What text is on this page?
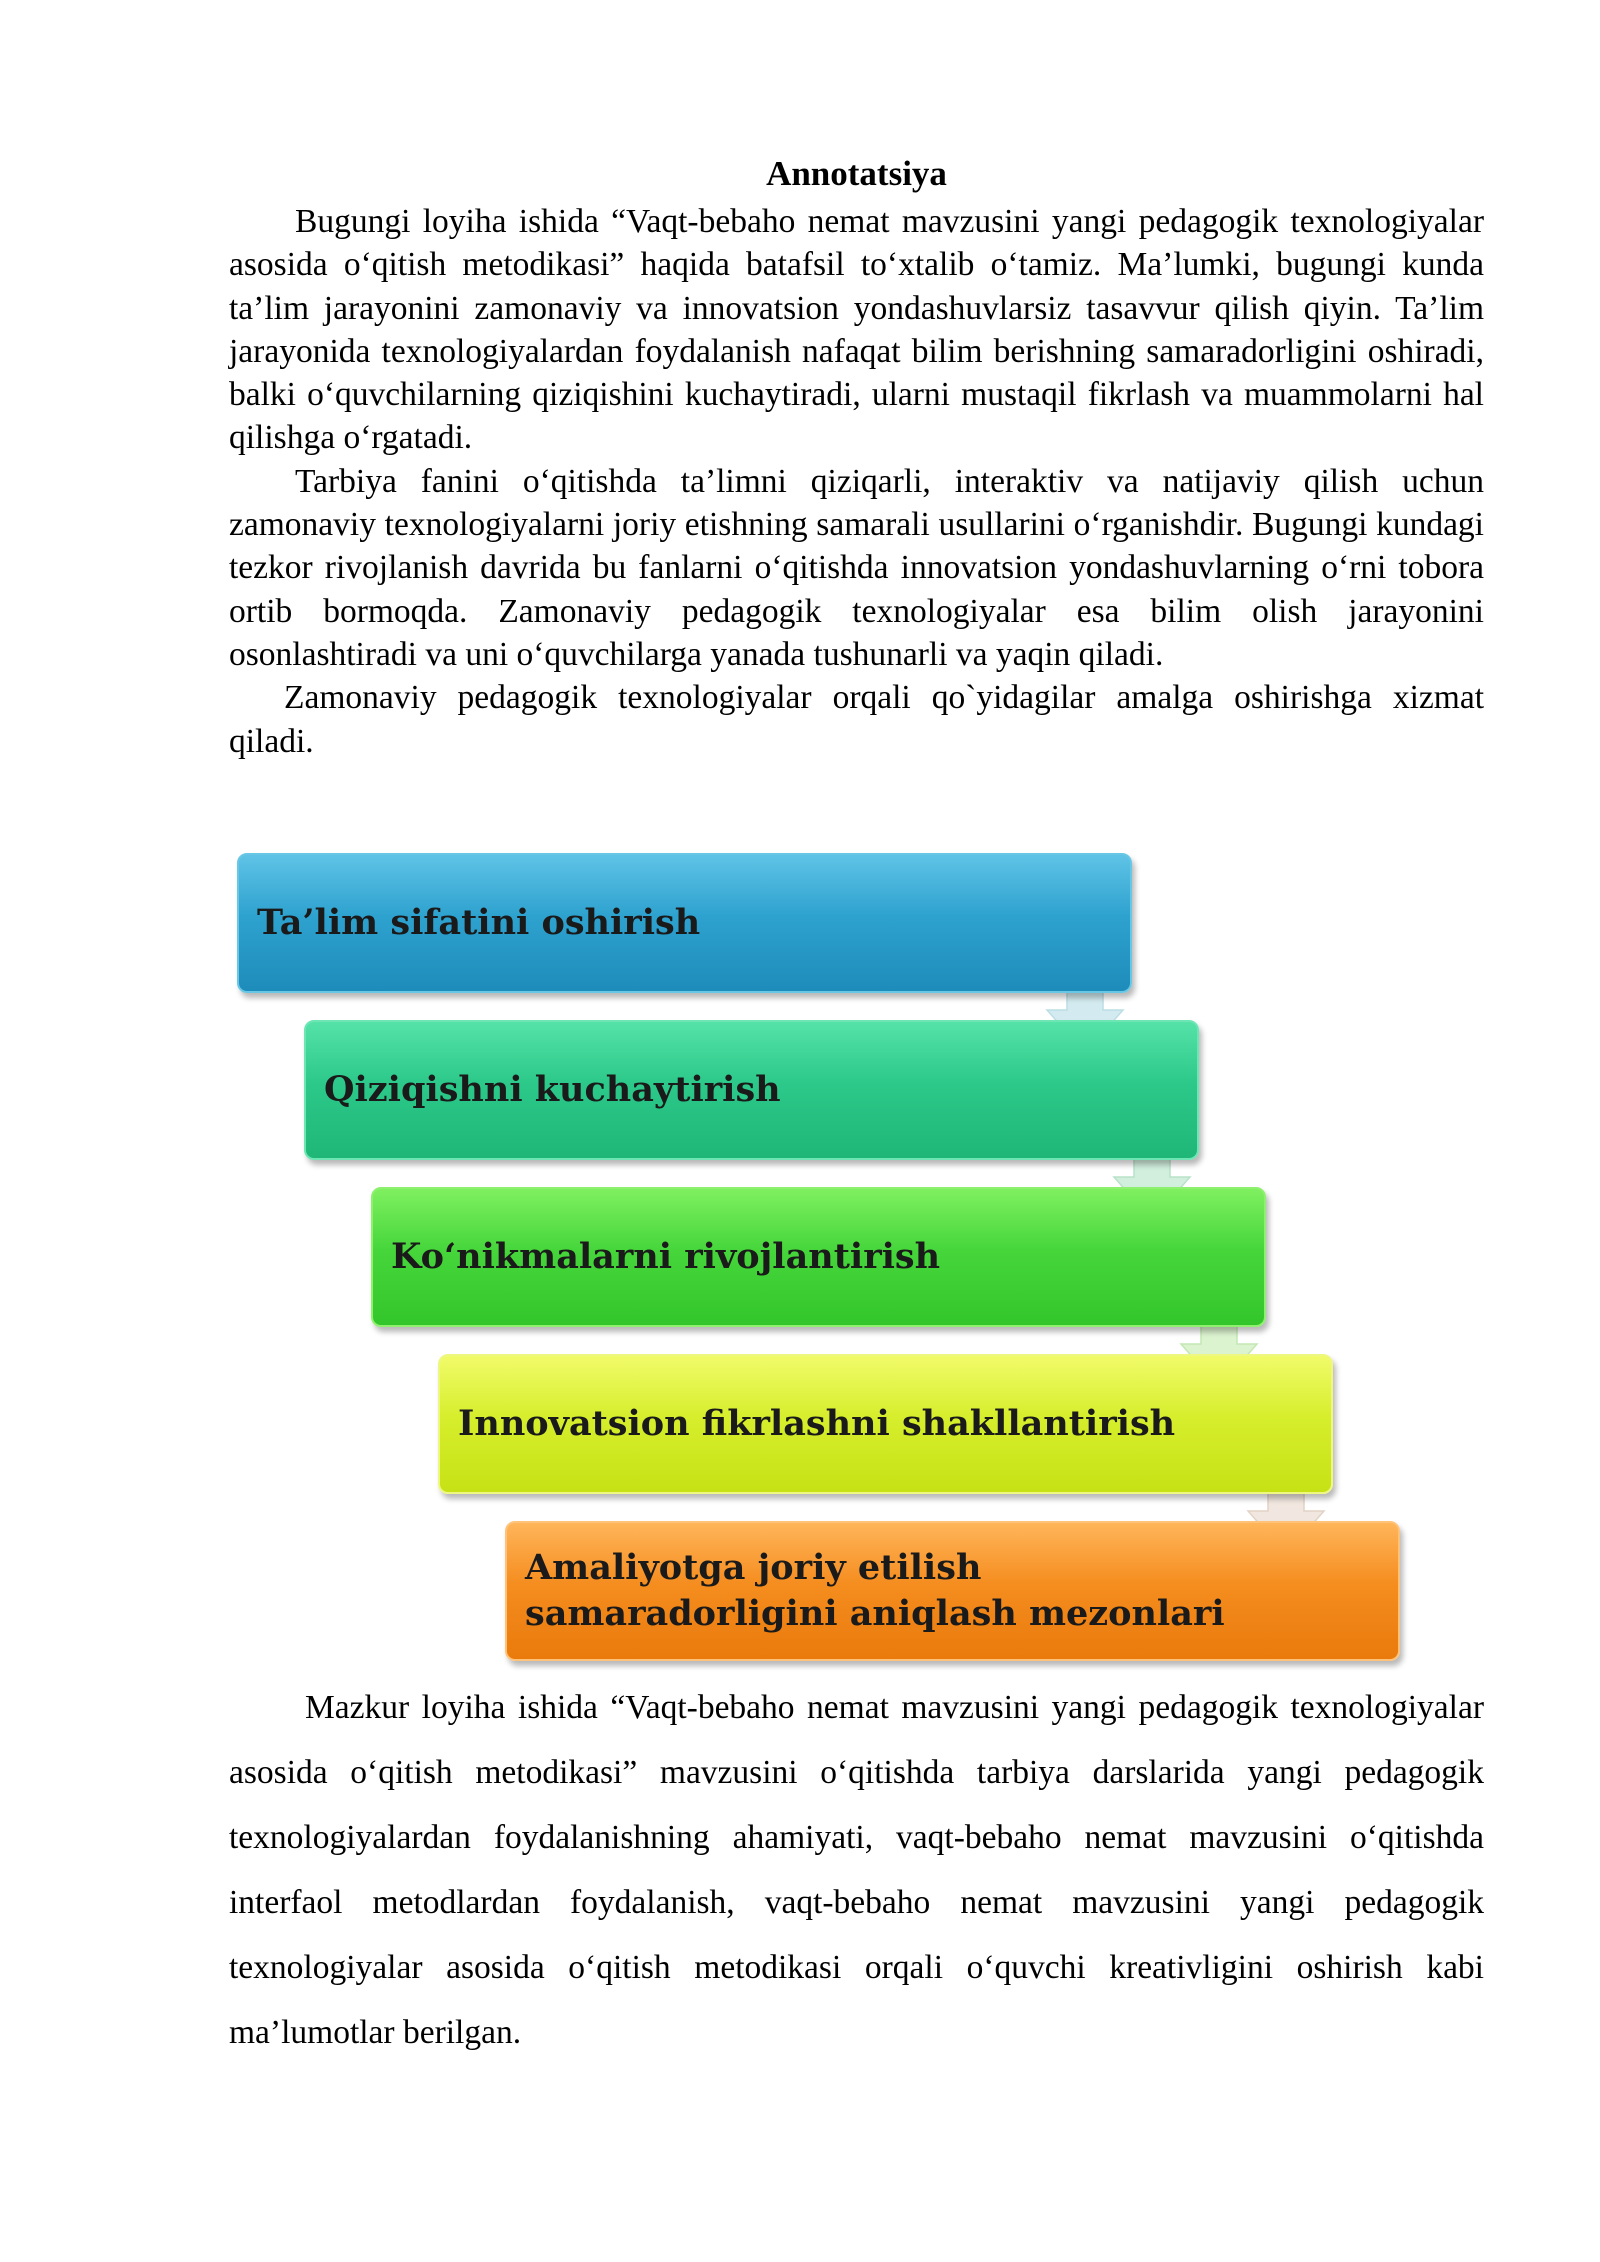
Annotatsiya

Bugungi loyiha ishida “Vaqt-bebaho nemat mavzusini yangi pedagogik texnologiyalar asosida o‘qitish metodikasi” haqida batafsil to‘xtalib o‘tamiz. Ma’lumki, bugungi kunda ta’lim jarayonini zamonaviy va innovatsion yondashuvlarsiz tasavvur qilish qiyin. Ta’lim jarayonida texnologiyalardan foydalanish nafaqat bilim berishning samaradorligini oshiradi, balki o‘quvchilarning qiziqishini kuchaytiradi, ularni mustaqil fikrlash va muammolarni hal qilishga o‘rgatadi.

Tarbiya fanini o‘qitishda ta’limni qiziqarli, interaktiv va natijaviy qilish uchun zamonaviy texnologiyalarni joriy etishning samarali usullarini o‘rganishdir. Bugungi kundagi tezkor rivojlanish davrida bu fanlarni o‘qitishda innovatsion yondashuvlarning o‘rni tobora ortib bormoqda. Zamonaviy pedagogik texnologiyalar esa bilim olish jarayonini osonlashtiradi va uni o‘quvchilarga yanada tushunarli va yaqin qiladi.

Zamonaviy pedagogik texnologiyalar orqali qo`yidagilar amalga oshirishga xizmat qiladi.

Ta’lim sifatini oshirish
Qiziqishni kuchaytirish
Ko‘nikmalarni rivojlantirish
Innovatsion fikrlashni shakllantirish
Amaliyotga joriy etilish
samaradorligini aniqlash mezonlari

Mazkur loyiha ishida “Vaqt-bebaho nemat mavzusini yangi pedagogik texnologiyalar asosida o‘qitish metodikasi” mavzusini o‘qitishda tarbiya darslarida yangi pedagogik texnologiyalardan foydalanishning ahamiyati, vaqt-bebaho nemat mavzusini o‘qitishda interfaol metodlardan foydalanish, vaqt-bebaho nemat mavzusini yangi pedagogik texnologiyalar asosida o‘qitish metodikasi orqali o‘quvchi kreativligini oshirish kabi ma’lumotlar berilgan.
